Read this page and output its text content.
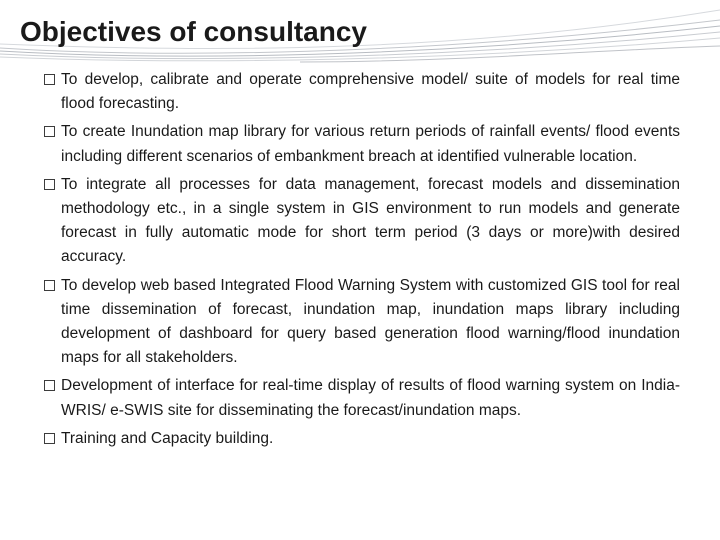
Objectives of consultancy
To develop, calibrate and operate comprehensive model/ suite of models for real time flood forecasting.
To create Inundation map library for various return periods of rainfall events/ flood events including different scenarios of embankment breach at identified vulnerable location.
To integrate all processes for data management, forecast models and dissemination methodology etc., in a single system in GIS environment to run models and generate forecast in fully automatic mode for short term period (3 days or more)with desired accuracy.
To develop web based Integrated Flood Warning System with customized GIS tool for real time dissemination of forecast, inundation map, inundation maps library including development of dashboard for query based generation flood warning/flood inundation maps for all stakeholders.
Development of interface for real-time display of results of flood warning system on India-WRIS/ e-SWIS site for disseminating the forecast/inundation maps.
Training and Capacity building.
